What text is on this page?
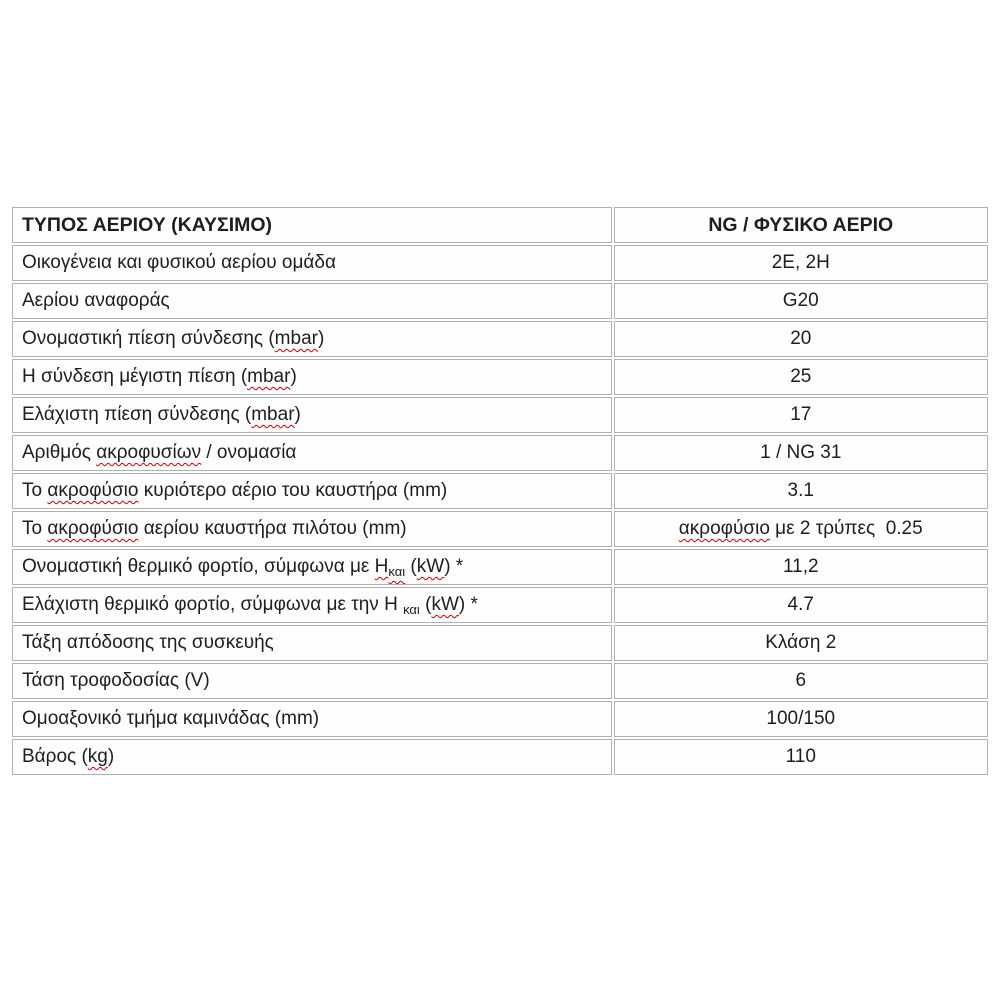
ΤΥΠΟΣ ΑΕΡΙΟΥ (ΚΑΥΣΙΜΟ)	NG / ΦΥΣΙΚΟ ΑΕΡΙΟ
Οικογένεια και φυσικού αερίου ομάδα	2E, 2H
Αερίου αναφοράς	G20
Ονομαστική πίεση σύνδεσης (mbar)	20
Η σύνδεση μέγιστη πίεση (mbar)	25
Ελάχιστη πίεση σύνδεσης (mbar)	17
Αριθμός ακροφυσίων / ονομασία	1 / NG 31
Το ακροφύσιο κυριότερο αέριο του καυστήρα (mm)	3.1
Το ακροφύσιο αερίου καυστήρα πιλότου (mm)	ακροφύσιο με 2 τρύπες  0.25
Ονομαστική θερμικό φορτίο, σύμφωνα με $H_{\kappa\alpha\iota}$ (kW) *	11,2
Ελάχιστη θερμικό φορτίο, σύμφωνα με την Η $_{\kappa\alpha\iota}$ (kW) *	4.7
Τάξη απόδοσης της συσκευής	Κλάση 2
Τάση τροφοδοσίας (V)	6
Ομοαξονικό τμήμα καμινάδας (mm)	100/150
Βάρος (kg)	110
